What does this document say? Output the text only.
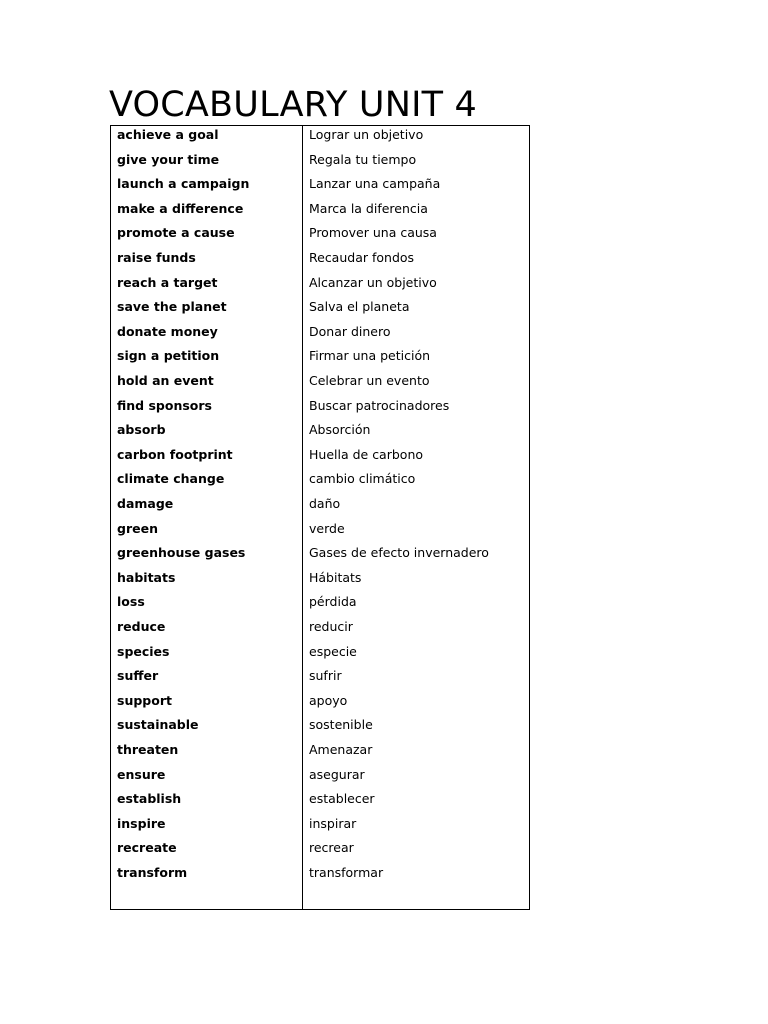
VOCABULARY UNIT 4
achieve a goal	Lograr un objetivo
give your time	Regala tu tiempo
launch a campaign	Lanzar una campaña
make a difference	Marca la diferencia
promote a cause	Promover una causa
raise funds	Recaudar fondos
reach a target	Alcanzar un objetivo
save the planet	Salva el planeta
donate money	Donar dinero
sign a petition	Firmar una petición
hold an event	Celebrar un evento
find sponsors	Buscar patrocinadores
absorb	Absorción
carbon footprint	Huella de carbono
climate change	cambio climático
damage	daño
green	verde
greenhouse gases	Gases de efecto invernadero
habitats	Hábitats
loss	pérdida
reduce	reducir
species	especie
suffer	sufrir
support	apoyo
sustainable	sostenible
threaten	Amenazar
ensure	asegurar
establish	establecer
inspire	inspirar
recreate	recrear
transform	transformar
